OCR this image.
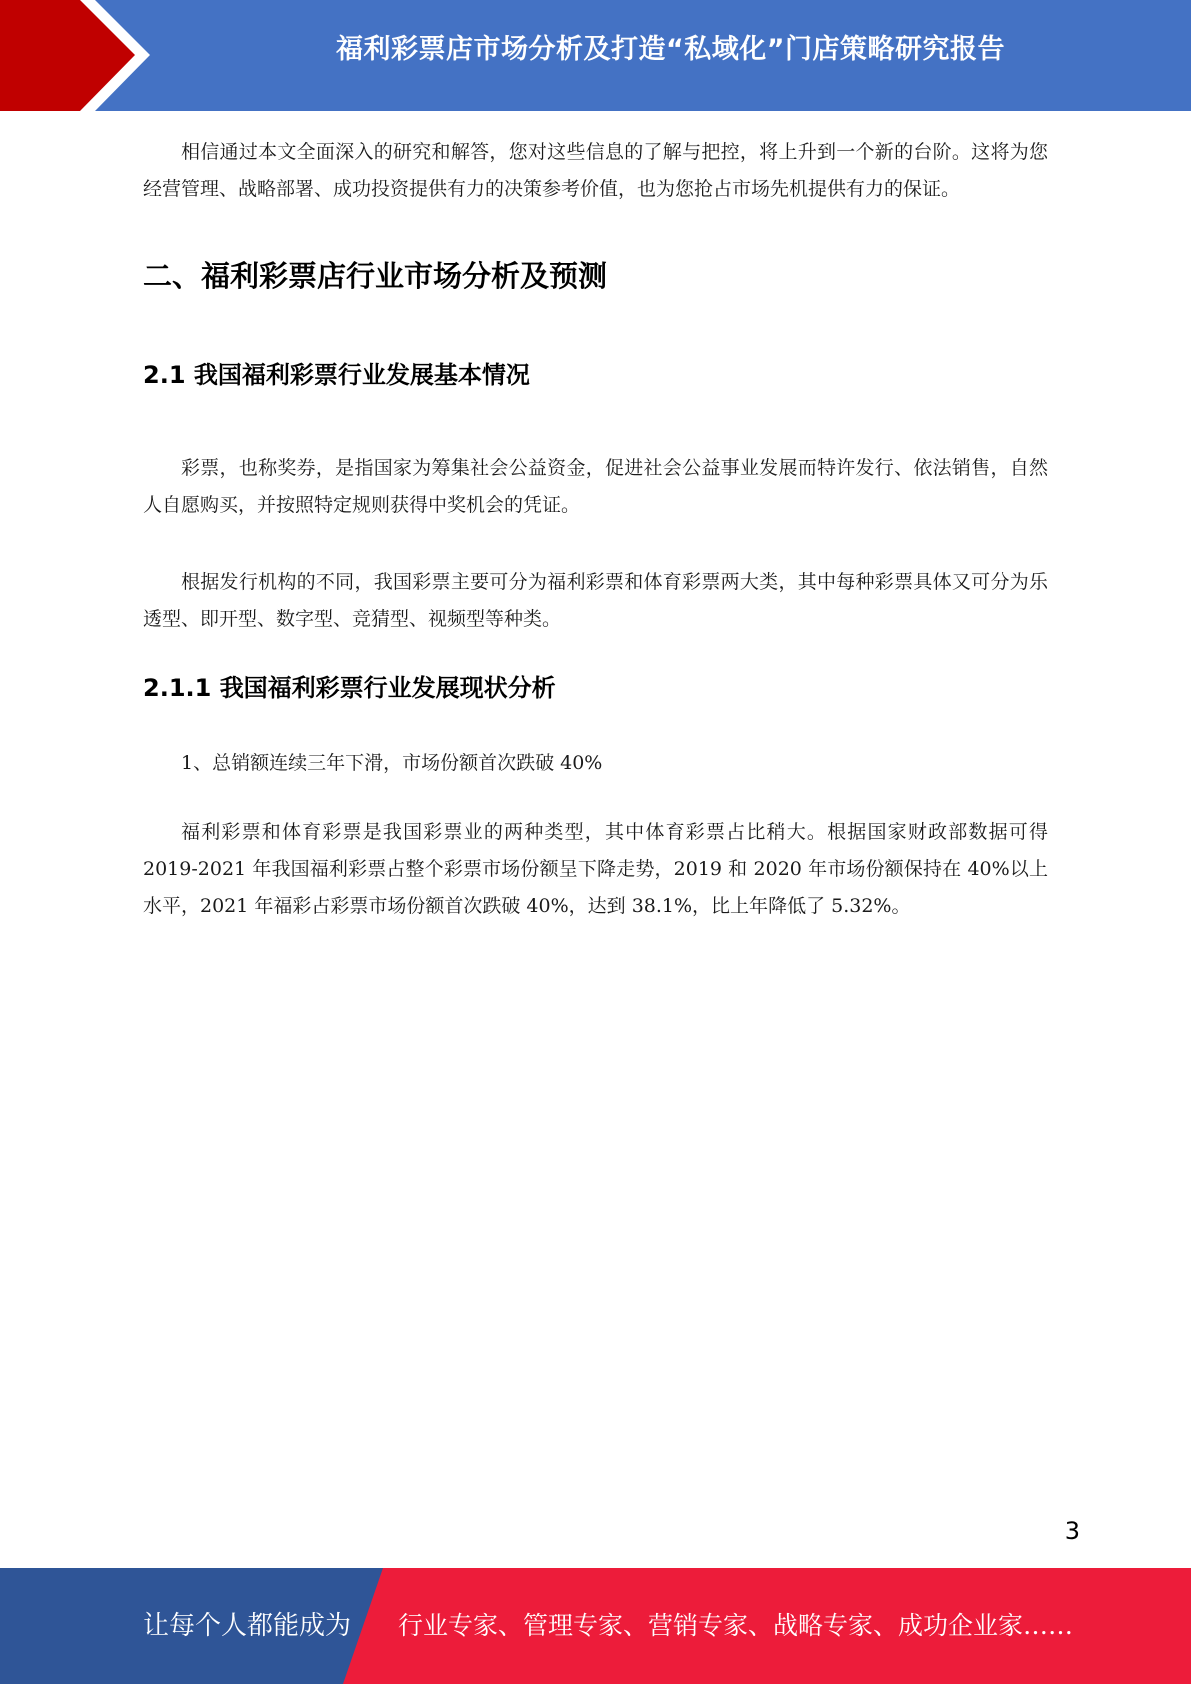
福利彩票店市场分析及打造“私域化”门店策略研究报告

相信通过本文全面深入的研究和解答，您对这些信息的了解与把控，将上升到一个新的台阶。这将为您经营管理、战略部署、成功投资提供有力的决策参考价值，也为您抢占市场先机提供有力的保证。

二、福利彩票店行业市场分析及预测
2.1 我国福利彩票行业发展基本情况

彩票，也称奖券，是指国家为筹集社会公益资金，促进社会公益事业发展而特许发行、依法销售，自然人自愿购买，并按照特定规则获得中奖机会的凭证。

根据发行机构的不同，我国彩票主要可分为福利彩票和体育彩票两大类，其中每种彩票具体又可分为乐透型、即开型、数字型、竞猜型、视频型等种类。

2.1.1 我国福利彩票行业发展现状分析

1、总销额连续三年下滑，市场份额首次跌破 40%

福利彩票和体育彩票是我国彩票业的两种类型，其中体育彩票占比稍大。根据国家财政部数据可得 2019-2021 年我国福利彩票占整个彩票市场份额呈下降走势，2019 和 2020 年市场份额保持在 40%以上水平，2021 年福彩占彩票市场份额首次跌破 40%，达到 38.1%，比上年降低了 5.32%。

3
让每个人都能成为 行业专家、管理专家、营销专家、战略专家、成功企业家……
